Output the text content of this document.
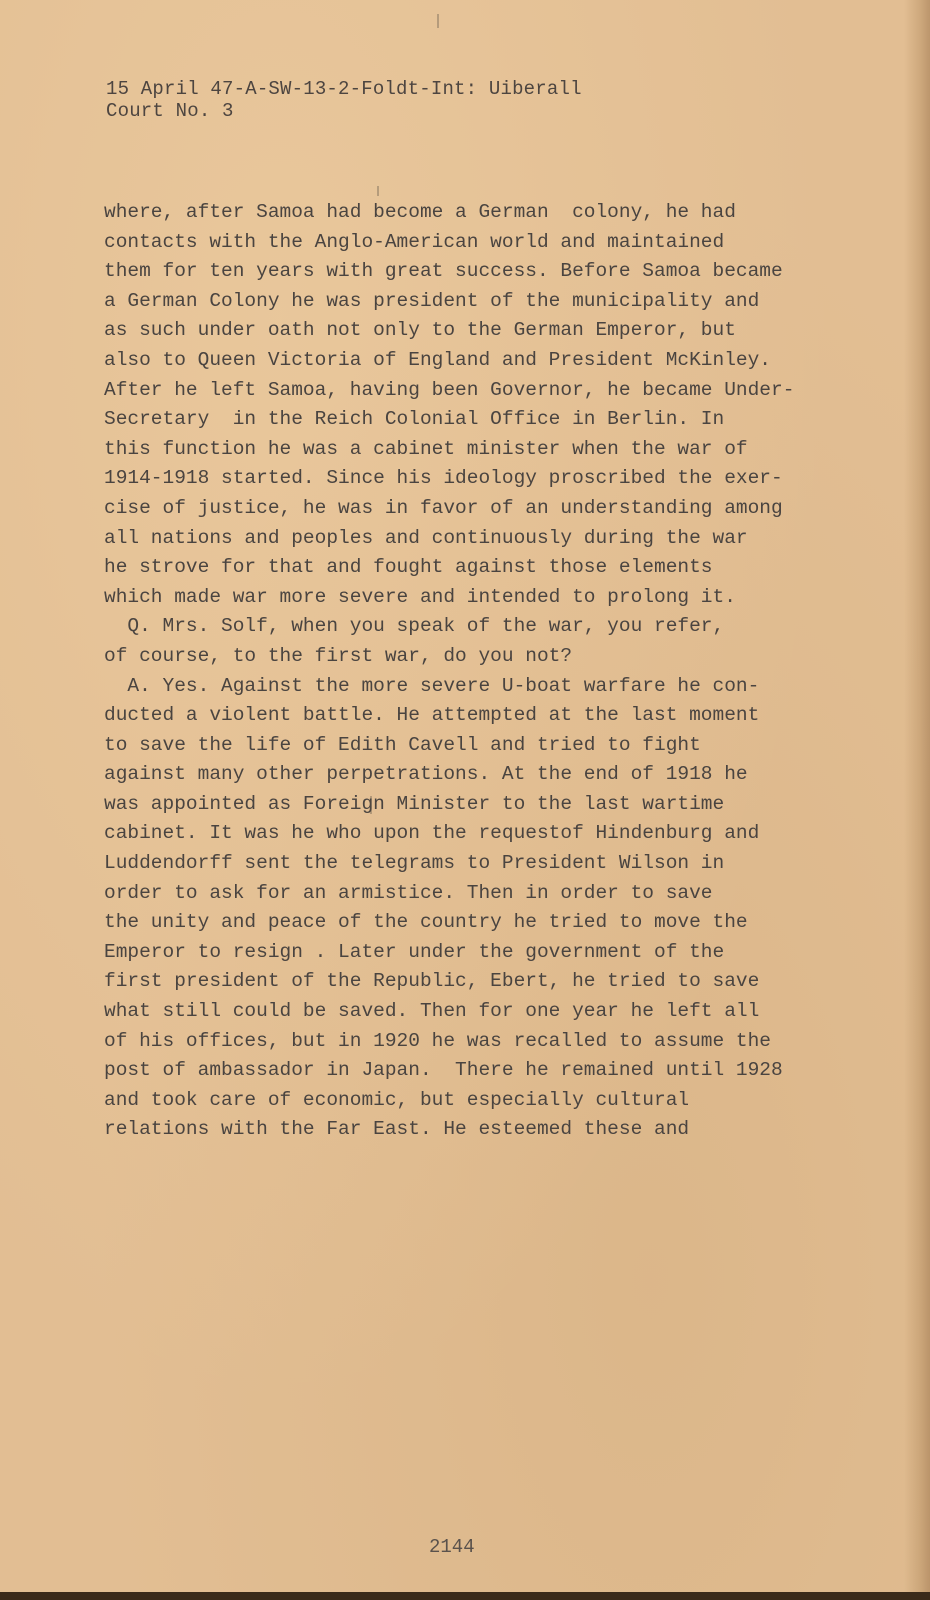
15 April 47-A-SW-13-2-Foldt-Int: Uiberall
Court No. 3
where, after Samoa had become a German  colony, he had
contacts with the Anglo-American world and maintained
them for ten years with great success. Before Samoa became
a German Colony he was president of the municipality and
as such under oath not only to the German Emperor, but
also to Queen Victoria of England and President McKinley.
After he left Samoa, having been Governor, he became Under-
Secretary  in the Reich Colonial Office in Berlin. In
this function he was a cabinet minister when the war of
1914-1918 started. Since his ideology proscribed the exer-
cise of justice, he was in favor of an understanding among
all nations and peoples and continuously during the war
he strove for that and fought against those elements
which made war more severe and intended to prolong it.
Q. Mrs. Solf, when you speak of the war, you refer,
of course, to the first war, do you not?
A. Yes. Against the more severe U-boat warfare he con-
ducted a violent battle. He attempted at the last moment
to save the life of Edith Cavell and tried to fight
against many other perpetrations. At the end of 1918 he
was appointed as Foreign Minister to the last wartime
cabinet. It was he who upon the requestof Hindenburg and
Luddendorff sent the telegrams to President Wilson in
order to ask for an armistice. Then in order to save
the unity and peace of the country he tried to move the
Emperor to resign . Later under the government of the
first president of the Republic, Ebert, he tried to save
what still could be saved. Then for one year he left all
of his offices, but in 1920 he was recalled to assume the
post of ambassador in Japan.  There he remained until 1928
and took care of economic, but especially cultural
relations with the Far East. He esteemed these and
2144
